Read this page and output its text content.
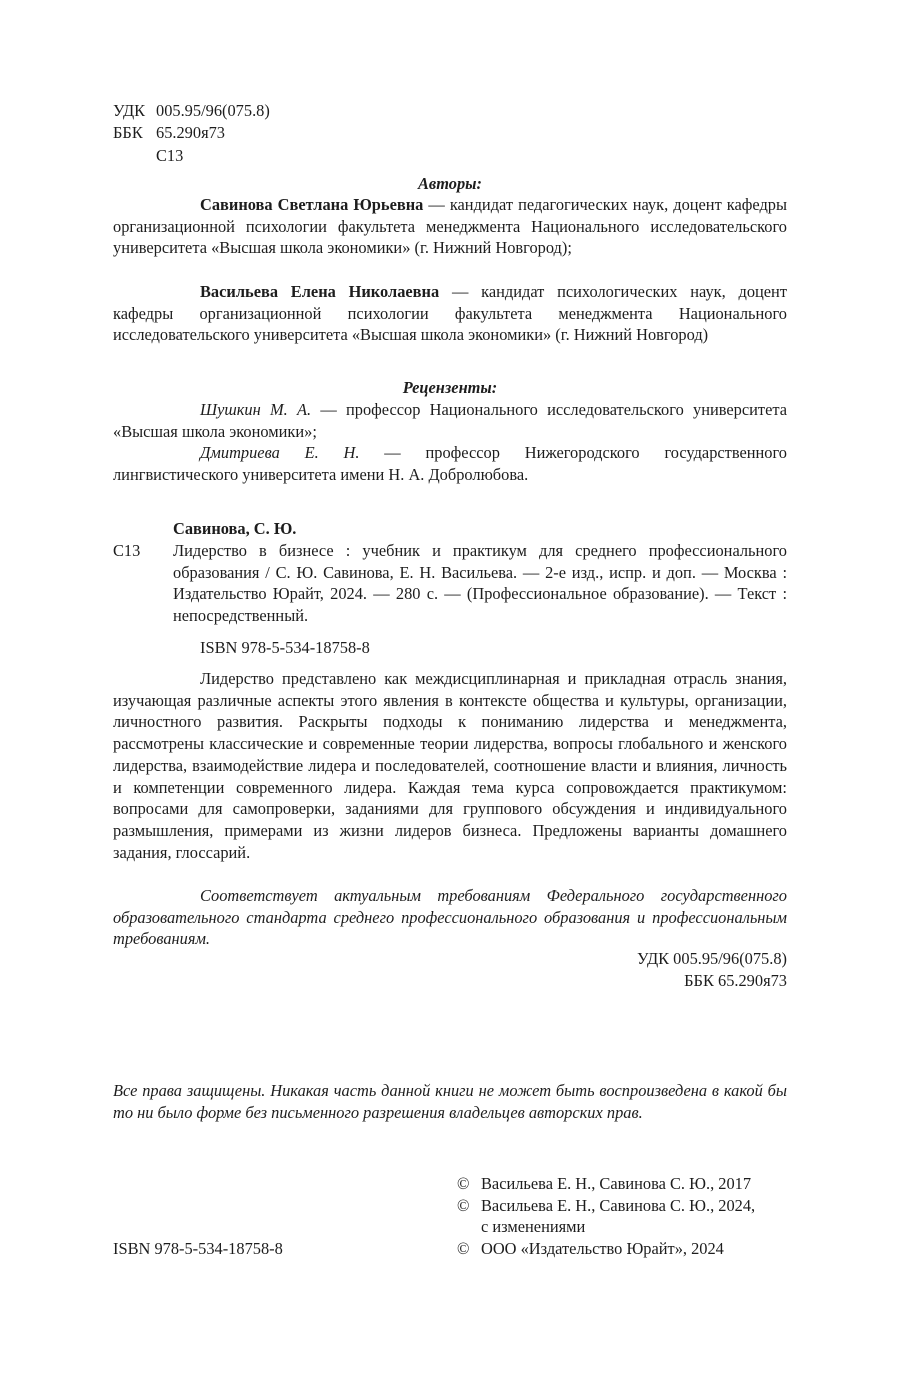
УДК 005.95/96(075.8)
ББК 65.290я73
С13
Авторы:
Савинова Светлана Юрьевна — кандидат педагогических наук, доцент кафедры организационной психологии факультета менеджмента Национального исследовательского университета «Высшая школа экономики» (г. Нижний Новгород);
Васильева Елена Николаевна — кандидат психологических наук, доцент кафедры организационной психологии факультета менеджмента Национального исследовательского университета «Высшая школа экономики» (г. Нижний Новгород)
Рецензенты:
Шушкин М. А. — профессор Национального исследовательского университета «Высшая школа экономики»;
Дмитриева Е. Н. — профессор Нижегородского государственного лингвистического университета имени Н. А. Добролюбова.
Савинова, С. Ю.
С13 Лидерство в бизнесе : учебник и практикум для среднего профессионального образования / С. Ю. Савинова, Е. Н. Васильева. — 2-е изд., испр. и доп. — Москва : Издательство Юрайт, 2024. — 280 с. — (Профессиональное образование). — Текст : непосредственный.
ISBN 978-5-534-18758-8
Лидерство представлено как междисциплинарная и прикладная отрасль знания, изучающая различные аспекты этого явления в контексте общества и культуры, организации, личностного развития. Раскрыты подходы к пониманию лидерства и менеджмента, рассмотрены классические и современные теории лидерства, вопросы глобального и женского лидерства, взаимодействие лидера и последователей, соотношение власти и влияния, личность и компетенции современного лидера. Каждая тема курса сопровождается практикумом: вопросами для самопроверки, заданиями для группового обсуждения и индивидуального размышления, примерами из жизни лидеров бизнеса. Предложены варианты домашнего задания, глоссарий.
Соответствует актуальным требованиям Федерального государственного образовательного стандарта среднего профессионального образования и профессиональным требованиям.
УДК 005.95/96(075.8)
ББК 65.290я73
Все права защищены. Никакая часть данной книги не может быть воспроизведена в какой бы то ни было форме без письменного разрешения владельцев авторских прав.
ISBN 978-5-534-18758-8
© Васильева Е. Н., Савинова С. Ю., 2017
© Васильева Е. Н., Савинова С. Ю., 2024,
с изменениями
© ООО «Издательство Юрайт», 2024
